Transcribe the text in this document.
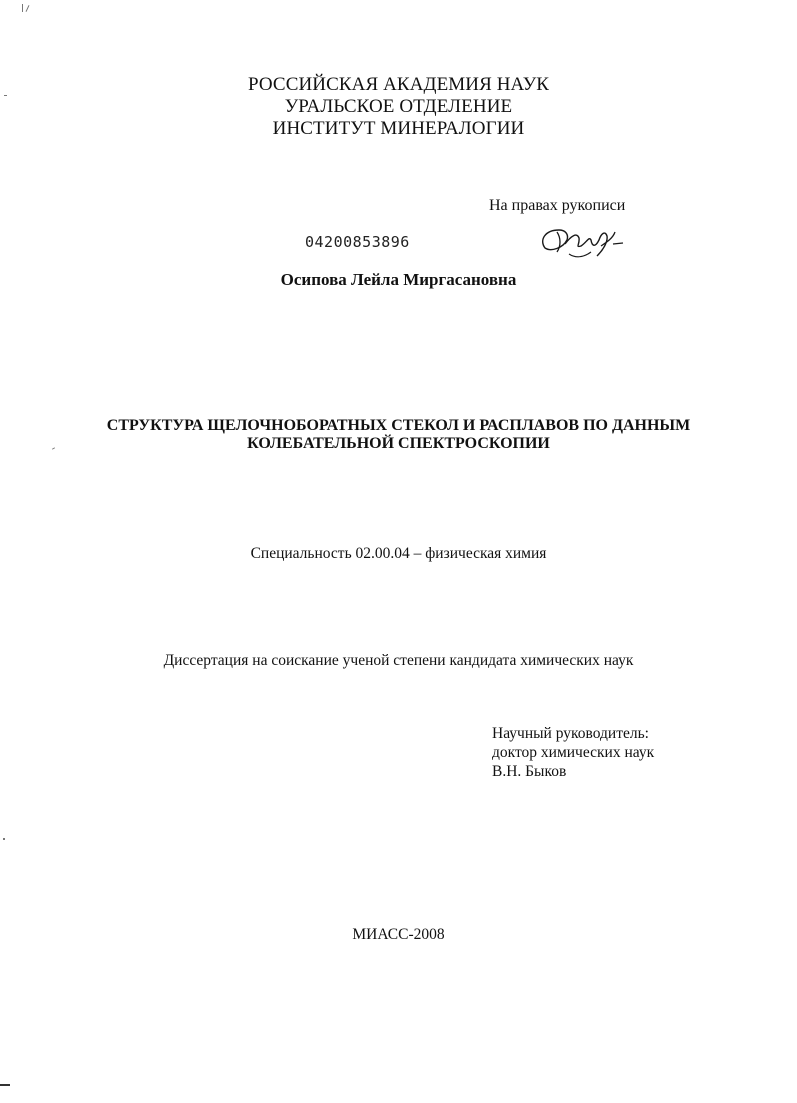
РОССИЙСКАЯ АКАДЕМИЯ НАУК
УРАЛЬСКОЕ ОТДЕЛЕНИЕ
ИНСТИТУТ МИНЕРАЛОГИИ
На правах рукописи
04200853896
Осипова Лейла Миргасановна
СТРУКТУРА ЩЕЛОЧНОБОРАТНЫХ СТЕКОЛ И РАСПЛАВОВ ПО ДАННЫМ
КОЛЕБАТЕЛЬНОЙ СПЕКТРОСКОПИИ
Специальность 02.00.04 – физическая химия
Диссертация на соискание ученой степени кандидата химических наук
Научный руководитель:
доктор химических наук
В.Н. Быков
МИАСС-2008
